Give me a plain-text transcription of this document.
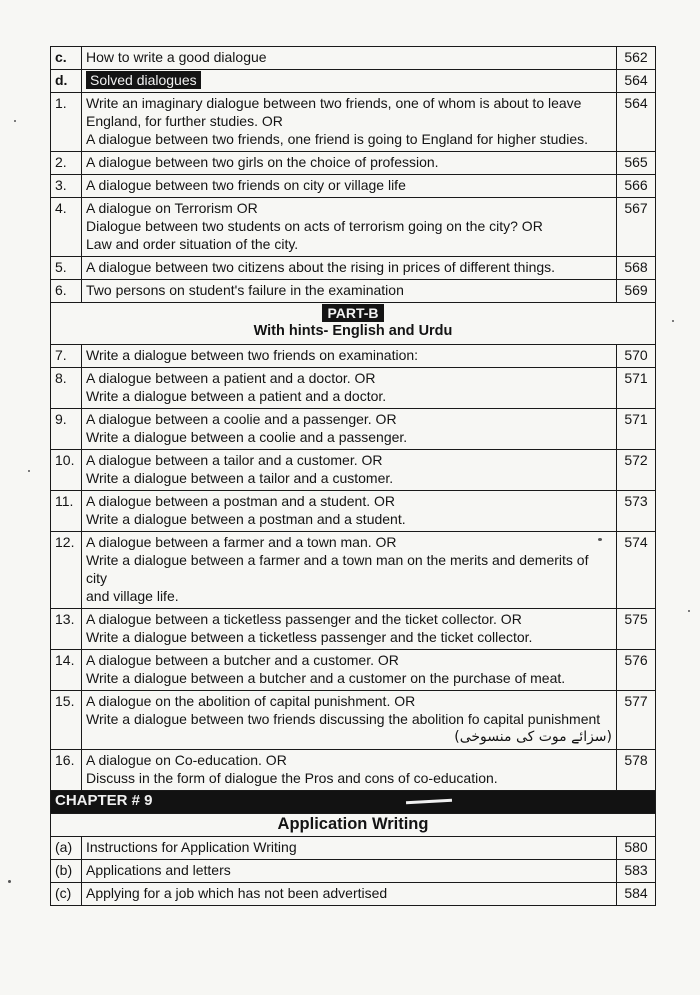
c.	How to write a good dialogue	562
d.	Solved dialogues	564
1.	Write an imaginary dialogue between two friends, one of whom is about to leave
England, for further studies. OR
A dialogue between two friends, one friend is going to England for higher studies.	564
2.	A dialogue between two girls on the choice of profession.	565
3.	A dialogue between two friends on city or village life	566
4.	A dialogue on Terrorism OR
Dialogue between two students on acts of terrorism going on the city? OR
Law and order situation of the city.	567
5.	A dialogue between two citizens about the rising in prices of different things.	568
6.	Two persons on student's failure in the examination	569
PART-B
With hints- English and Urdu		

7.	Write a dialogue between two friends on examination:	570
8.	A dialogue between a patient and a doctor. OR
Write a dialogue between a patient and a doctor.	571
9.	A dialogue between a coolie and a passenger. OR
Write a dialogue between a coolie and a passenger.	571
10.	A dialogue between a tailor and a customer. OR
Write a dialogue between a tailor and a customer.	572
11.	A dialogue between a postman and a student. OR
Write a dialogue between a postman and a student.	573
12.	A dialogue between a farmer and a town man. OR
Write a dialogue between a farmer and a town man on the merits and demerits of city
and village life.	574
13.	A dialogue between a ticketless passenger and the ticket collector. OR
Write a dialogue between a ticketless passenger and the ticket collector.	575
14.	A dialogue between a butcher and a customer. OR
Write a dialogue between a butcher and a customer on the purchase of meat.	576
15.	A dialogue on the abolition of capital punishment. OR
Write a dialogue between two friends discussing the abolition fo capital punishment
(سزائے موت کی منسوخی)	577
16.	A dialogue on Co-education. OR
Discuss in the form of dialogue the Pros and cons of co-education.	578
CHAPTER # 9		

Application Writing		
(a)	Instructions for Application Writing	580
(b)	Applications and letters	583
(c)	Applying for a job which has not been advertised	584
